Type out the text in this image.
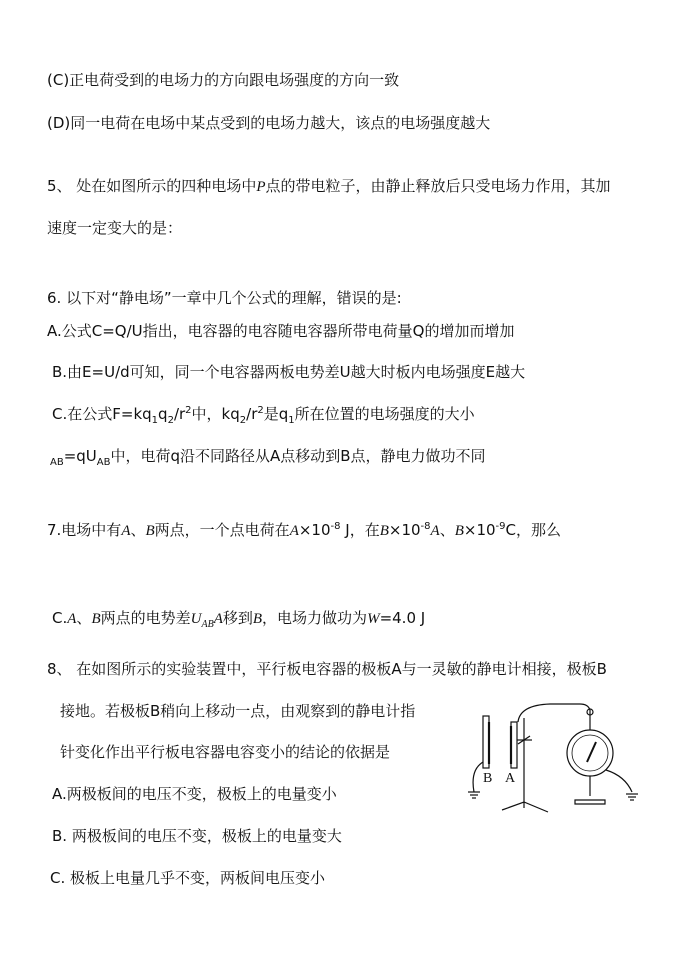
(C)正电荷受到的电场力的方向跟电场强度的方向一致
(D)同一电荷在电场中某点受到的电场力越大，该点的电场强度越大
5、 处在如图所示的四种电场中P点的带电粒子，由静止释放后只受电场力作用，其加
速度一定变大的是：
6. 以下对“静电场”一章中几个公式的理解，错误的是:
A.公式C=Q/U指出，电容器的电容随电容器所带电荷量Q的增加而增加
B.由E=U/d可知，同一个电容器两板电势差U越大时板内电场强度E越大
C.在公式$F=kq_1q_2/r^2$中，$kq_2/r^2$是$q_1$所在位置的电场强度的大小
$_{AB}=qU_{AB}$中，电荷q沿不同路径从A点移动到B点，静电力做功不同
7.电场中有A、B两点，一个点电荷在$A\times 10^{-8}$ J，在$B\times 10^{-8}A$、$B\times 10^{-9}C$，那么
C.A、B两点的电势差$U_{AB}A$移到B，电场力做功为W=4.0 J
8、 在如图所示的实验装置中，平行板电容器的极板A与一灵敏的静电计相接，极板B
接地。若极板B稍向上移动一点，由观察到的静电计指
针变化作出平行板电容器电容变小的结论的依据是
A.两极板间的电压不变，极板上的电量变小
B. 两极板间的电压不变，极板上的电量变大
C. 极板上电量几乎不变，两板间电压变小
B A
